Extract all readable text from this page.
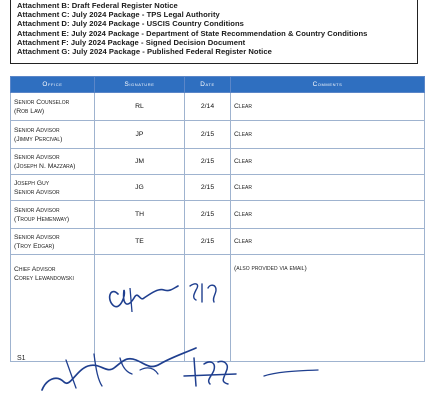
Attachment B: Draft Federal Register Notice
Attachment C: July 2024 Package - TPS Legal Authority
Attachment D: July 2024 Package - USCIS Country Conditions
Attachment E: July 2024 Package - Department of State Recommendation & Country Conditions
Attachment F: July 2024 Package - Signed Decision Document
Attachment G: July 2024 Package - Published Federal Register Notice
Office	Signature	Date	Comments
Senior Counselor
(Rob Law)	RL	2/14	Clear
Senior Advisor
(Jimmy Percival)	JP	2/15	Clear
Senior Advisor
(Joseph N. Mazzara)	JM	2/15	Clear
Joseph Guy
Senior Advisor	JG	2/15	Clear
Senior Advisor
(Troup Hemenway)	TH	2/15	Clear
Senior Advisor
(Troy Edgar)	TE	2/15	Clear
Chief Advisor
Corey Lewandowski			(also provided via email)
S1
